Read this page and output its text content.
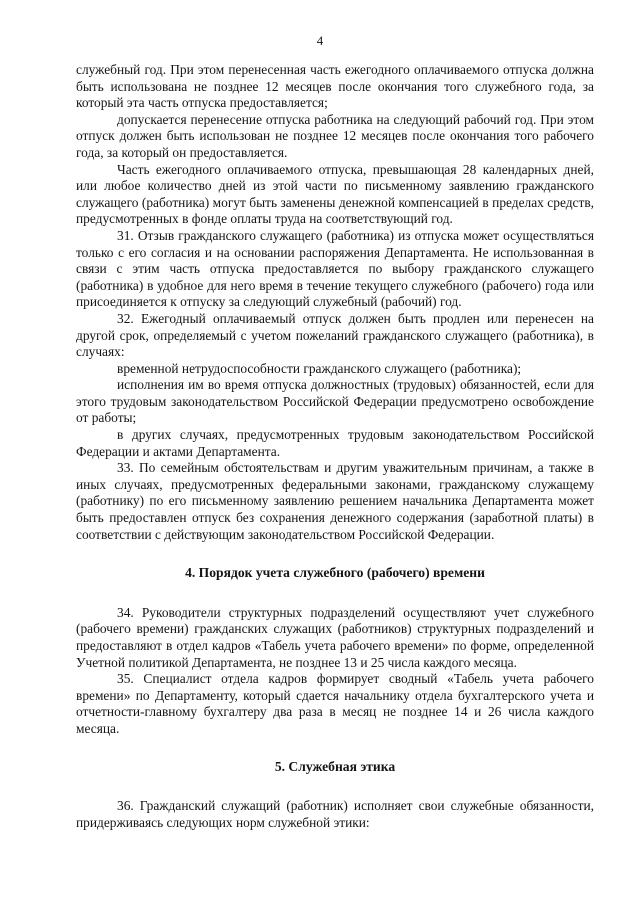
4

служебный год. При этом перенесенная часть ежегодного оплачиваемого отпуска должна быть использована не позднее 12 месяцев после окончания того служебного года, за который эта часть отпуска предоставляется;

допускается перенесение отпуска работника на следующий рабочий год. При этом отпуск должен быть использован не позднее 12 месяцев после окончания того рабочего года, за который он предоставляется.

Часть ежегодного оплачиваемого отпуска, превышающая 28 календарных дней, или любое количество дней из этой части по письменному заявлению гражданского служащего (работника) могут быть заменены денежной компенсацией в пределах средств, предусмотренных в фонде оплаты труда на соответствующий год.

31. Отзыв гражданского служащего (работника) из отпуска может осуществляться только с его согласия и на основании распоряжения Департамента. Не использованная в связи с этим часть отпуска предоставляется по выбору гражданского служащего (работника) в удобное для него время в течение текущего служебного (рабочего) года или присоединяется к отпуску за следующий служебный (рабочий) год.

32. Ежегодный оплачиваемый отпуск должен быть продлен или перенесен на другой срок, определяемый с учетом пожеланий гражданского служащего (работника), в случаях:

временной нетрудоспособности гражданского служащего (работника);

исполнения им во время отпуска должностных (трудовых) обязанностей, если для этого трудовым законодательством Российской Федерации предусмотрено освобождение от работы;

в других случаях, предусмотренных трудовым законодательством Российской Федерации и актами Департамента.

33. По семейным обстоятельствам и другим уважительным причинам, а также в иных случаях, предусмотренных федеральными законами, гражданскому служащему (работнику) по его письменному заявлению решением начальника Департамента может быть предоставлен отпуск без сохранения денежного содержания (заработной платы) в соответствии с действующим законодательством Российской Федерации.

4. Порядок учета служебного (рабочего) времени

34. Руководители структурных подразделений осуществляют учет служебного (рабочего времени) гражданских служащих (работников) структурных подразделений и предоставляют в отдел кадров «Табель учета рабочего времени» по форме, определенной Учетной политикой Департамента, не позднее 13 и 25 числа каждого месяца.

35. Специалист отдела кадров формирует сводный «Табель учета рабочего времени» по Департаменту, который сдается начальнику отдела бухгалтерского учета и отчетности-главному бухгалтеру два раза в месяц не позднее 14 и 26 числа каждого месяца.

5. Служебная этика

36. Гражданский служащий (работник) исполняет свои служебные обязанности, придерживаясь следующих норм служебной этики:
